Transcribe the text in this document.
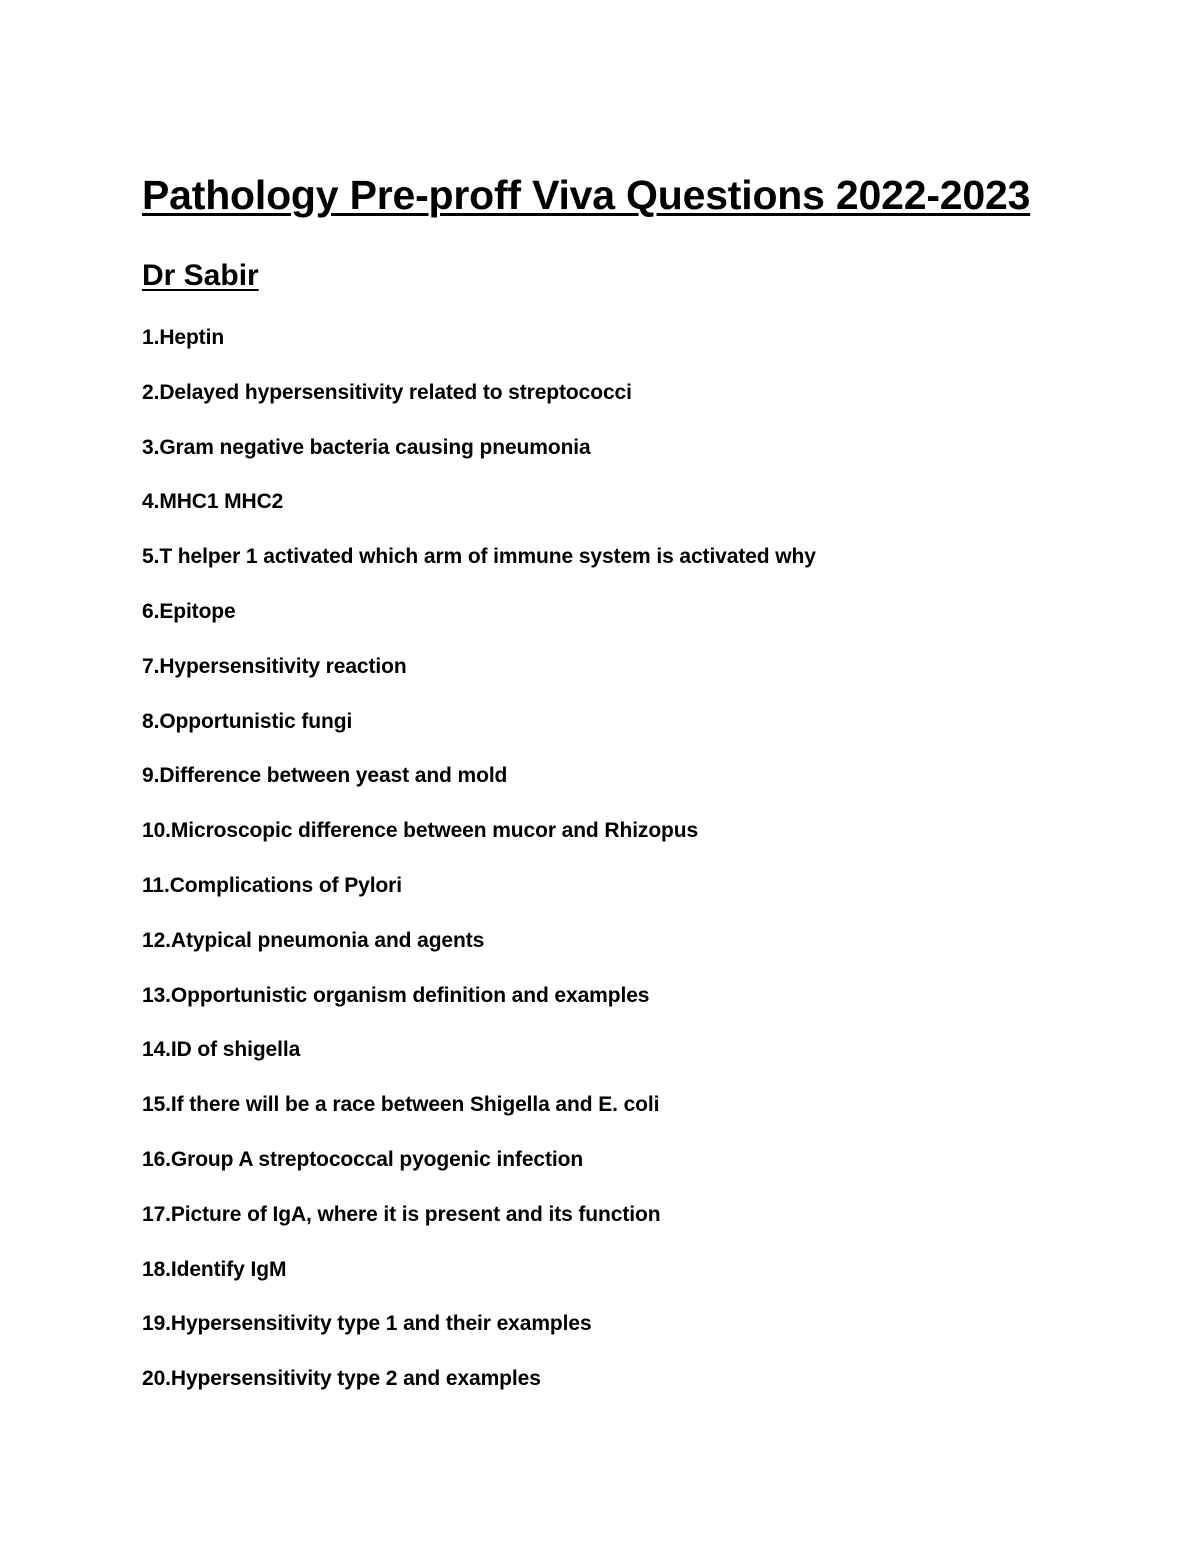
Pathology Pre-proff Viva Questions 2022-2023
Dr Sabir
1.Heptin
2.Delayed hypersensitivity related to streptococci
3.Gram negative bacteria causing pneumonia
4.MHC1 MHC2
5.T helper 1 activated which arm of immune system is activated why
6.Epitope
7.Hypersensitivity reaction
8.Opportunistic fungi
9.Difference between yeast and mold
10.Microscopic difference between mucor and Rhizopus
11.Complications of Pylori
12.Atypical pneumonia and agents
13.Opportunistic organism definition and examples
14.ID of shigella
15.If there will be a race between Shigella and E. coli
16.Group A streptococcal pyogenic infection
17.Picture of IgA, where it is present and its function
18.Identify IgM
19.Hypersensitivity type 1 and their examples
20.Hypersensitivity type 2 and examples
